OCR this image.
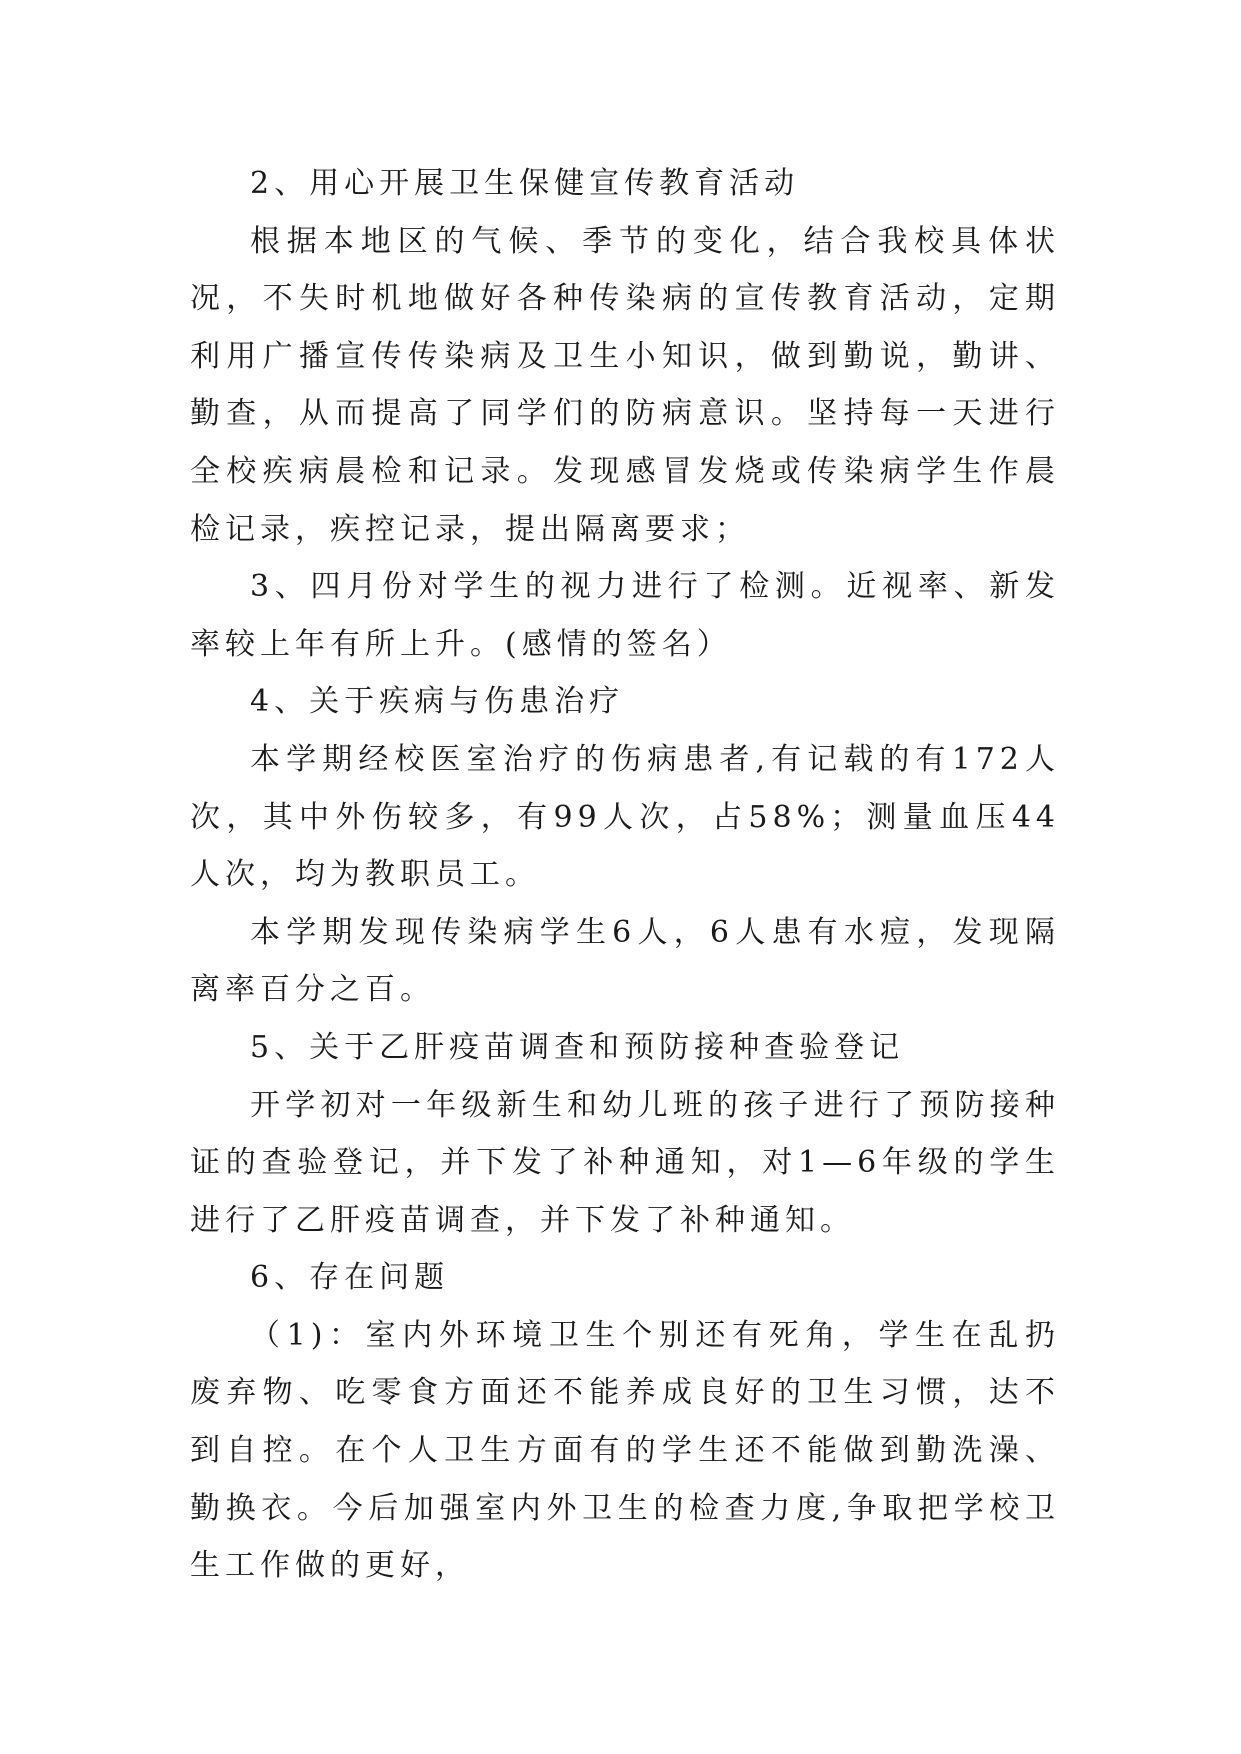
2、用心开展卫生保健宣传教育活动

根据本地区的气候、季节的变化，结合我校具体状况，不失时机地做好各种传染病的宣传教育活动，定期利用广播宣传传染病及卫生小知识，做到勤说，勤讲、勤查，从而提高了同学们的防病意识。坚持每一天进行全校疾病晨检和记录。发现感冒发烧或传染病学生作晨检记录，疾控记录，提出隔离要求；

3、四月份对学生的视力进行了检测。近视率、新发率较上年有所上升。(感情的签名）

4、关于疾病与伤患治疗

本学期经校医室治疗的伤病患者,有记载的有172人次，其中外伤较多，有99人次，占58%；测量血压44人次，均为教职员工。

本学期发现传染病学生6人，6人患有水痘，发现隔离率百分之百。

5、关于乙肝疫苗调查和预防接种查验登记

开学初对一年级新生和幼儿班的孩子进行了预防接种证的查验登记，并下发了补种通知，对1—6年级的学生进行了乙肝疫苗调查，并下发了补种通知。

6、存在问题

（1)：室内外环境卫生个别还有死角，学生在乱扔废弃物、吃零食方面还不能养成良好的卫生习惯，达不到自控。在个人卫生方面有的学生还不能做到勤洗澡、勤换衣。今后加强室内外卫生的检查力度,争取把学校卫生工作做的更好，
